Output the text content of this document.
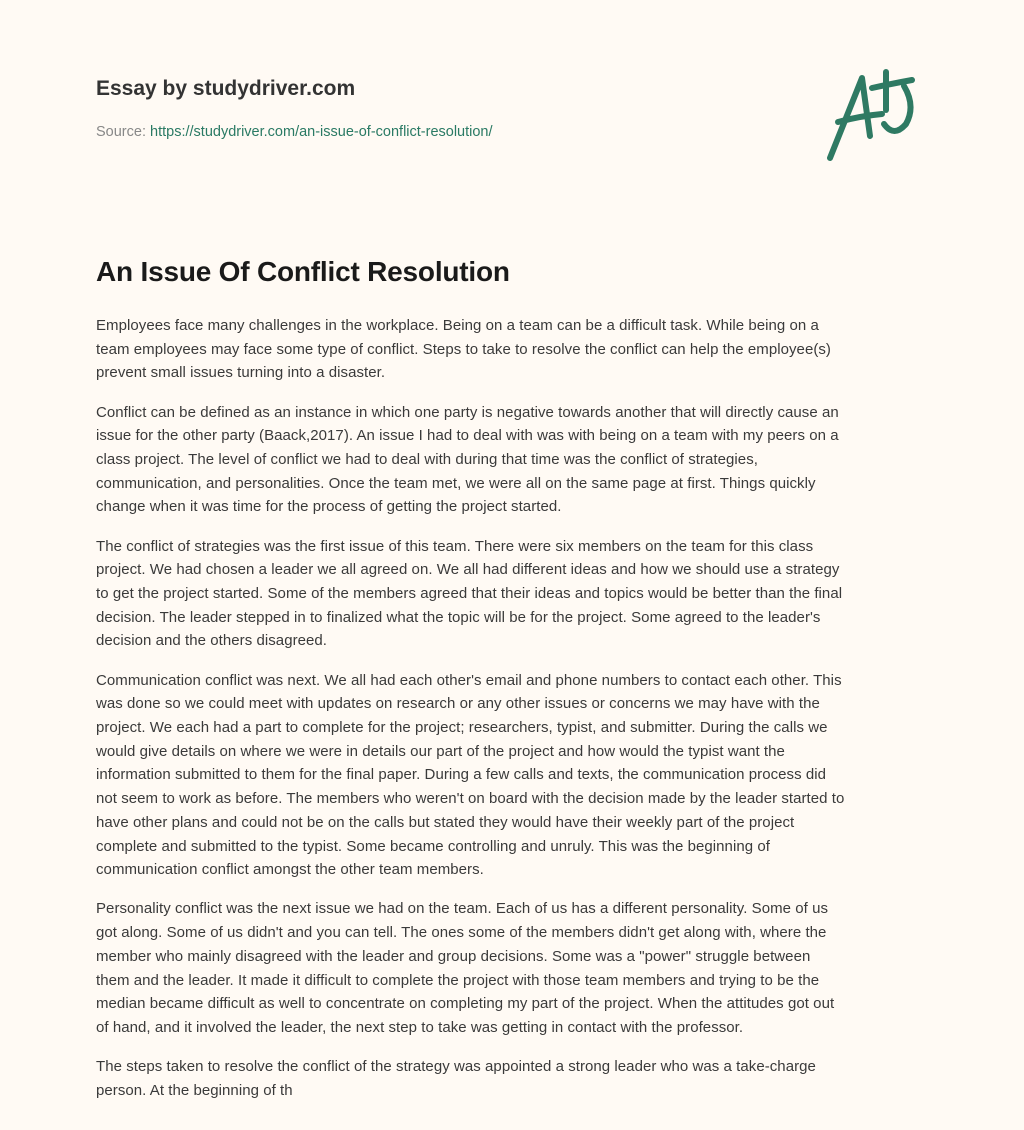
Essay by studydriver.com
Source: https://studydriver.com/an-issue-of-conflict-resolution/
An Issue Of Conflict Resolution

Employees face many challenges in the workplace. Being on a team can be a difficult task. While being on a
team employees may face some type of conflict. Steps to take to resolve the conflict can help the employee(s)
prevent small issues turning into a disaster.

Conflict can be defined as an instance in which one party is negative towards another that will directly cause an
issue for the other party (Baack,2017). An issue I had to deal with was with being on a team with my peers on a
class project. The level of conflict we had to deal with during that time was the conflict of strategies,
communication, and personalities. Once the team met, we were all on the same page at first. Things quickly
change when it was time for the process of getting the project started.

The conflict of strategies was the first issue of this team. There were six members on the team for this class
project. We had chosen a leader we all agreed on. We all had different ideas and how we should use a strategy
to get the project started. Some of the members agreed that their ideas and topics would be better than the final
decision. The leader stepped in to finalized what the topic will be for the project. Some agreed to the leader's
decision and the others disagreed.

Communication conflict was next. We all had each other's email and phone numbers to contact each other. This
was done so we could meet with updates on research or any other issues or concerns we may have with the
project. We each had a part to complete for the project; researchers, typist, and submitter. During the calls we
would give details on where we were in details our part of the project and how would the typist want the
information submitted to them for the final paper. During a few calls and texts, the communication process did
not seem to work as before. The members who weren't on board with the decision made by the leader started to
have other plans and could not be on the calls but stated they would have their weekly part of the project
complete and submitted to the typist. Some became controlling and unruly. This was the beginning of
communication conflict amongst the other team members.

Personality conflict was the next issue we had on the team. Each of us has a different personality. Some of us
got along. Some of us didn't and you can tell. The ones some of the members didn't get along with, where the
member who mainly disagreed with the leader and group decisions. Some was a "power" struggle between
them and the leader. It made it difficult to complete the project with those team members and trying to be the
median became difficult as well to concentrate on completing my part of the project. When the attitudes got out
of hand, and it involved the leader, the next step to take was getting in contact with the professor.

The steps taken to resolve the conflict of the strategy was appointed a strong leader who was a take-charge
person. At the beginning of th
